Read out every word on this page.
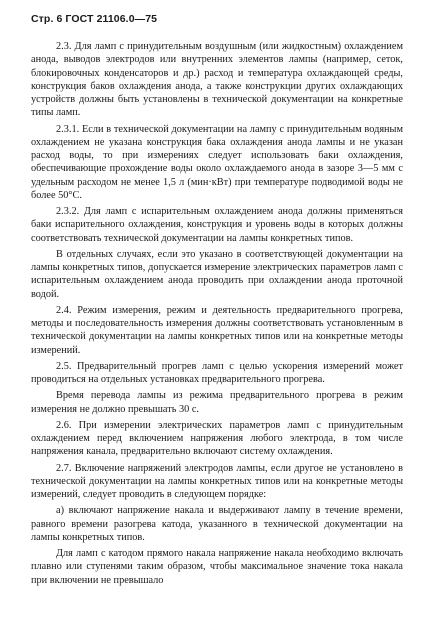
Стр. 6 ГОСТ 21106.0—75

2.3. Для ламп с принудительным воздушным (или жидкостным) охлаждением анода, выводов электродов или внутренних элементов лампы (например, сеток, блокировочных конденсаторов и др.) расход и температура охлаждающей среды, конструкция баков охлаждения анода, а также конструкции других охлаждающих устройств должны быть установлены в технической документации на конкретные типы ламп.

2.3.1. Если в технической документации на лампу с принудительным водяным охлаждением не указана конструкция бака охлаждения анода лампы и не указан расход воды, то при измерениях следует использовать баки охлаждения, обеспечивающие прохождение воды около охлаждаемого анода в зазоре 3—5 мм с удельным расходом не менее 1,5 л (мин·кВт) при температуре подводимой воды не более 50°С.

2.3.2. Для ламп с испарительным охлаждением анода должны применяться баки испарительного охлаждения, конструкция и уровень воды в которых должны соответствовать технической документации на лампы конкретных типов.

В отдельных случаях, если это указано в соответствующей документации на лампы конкретных типов, допускается измерение электрических параметров ламп с испарительным охлаждением анода проводить при охлаждении анода проточной водой.

2.4. Режим измерения, режим и деятельность предварительного прогрева, методы и последовательность измерения должны соответствовать установленным в технической документации на лампы конкретных типов или на конкретные методы измерений.

2.5. Предварительный прогрев ламп с целью ускорения измерений может проводиться на отдельных установках предварительного прогрева.

Время перевода лампы из режима предварительного прогрева в режим измерения не должно превышать 30 с.

2.6. При измерении электрических параметров ламп с принудительным охлаждением перед включением напряжения любого электрода, в том числе напряжения канала, предварительно включают систему охлаждения.

2.7. Включение напряжений электродов лампы, если другое не установлено в технической документации на лампы конкретных типов или на конкретные методы измерений, следует проводить в следующем порядке:

а) включают напряжение накала и выдерживают лампу в течение времени, равного времени разогрева катода, указанного в технической документации на лампы конкретных типов.

Для ламп с катодом прямого накала напряжение накала необходимо включать плавно или ступенями таким образом, чтобы максимальное значение тока накала при включении не превышало
